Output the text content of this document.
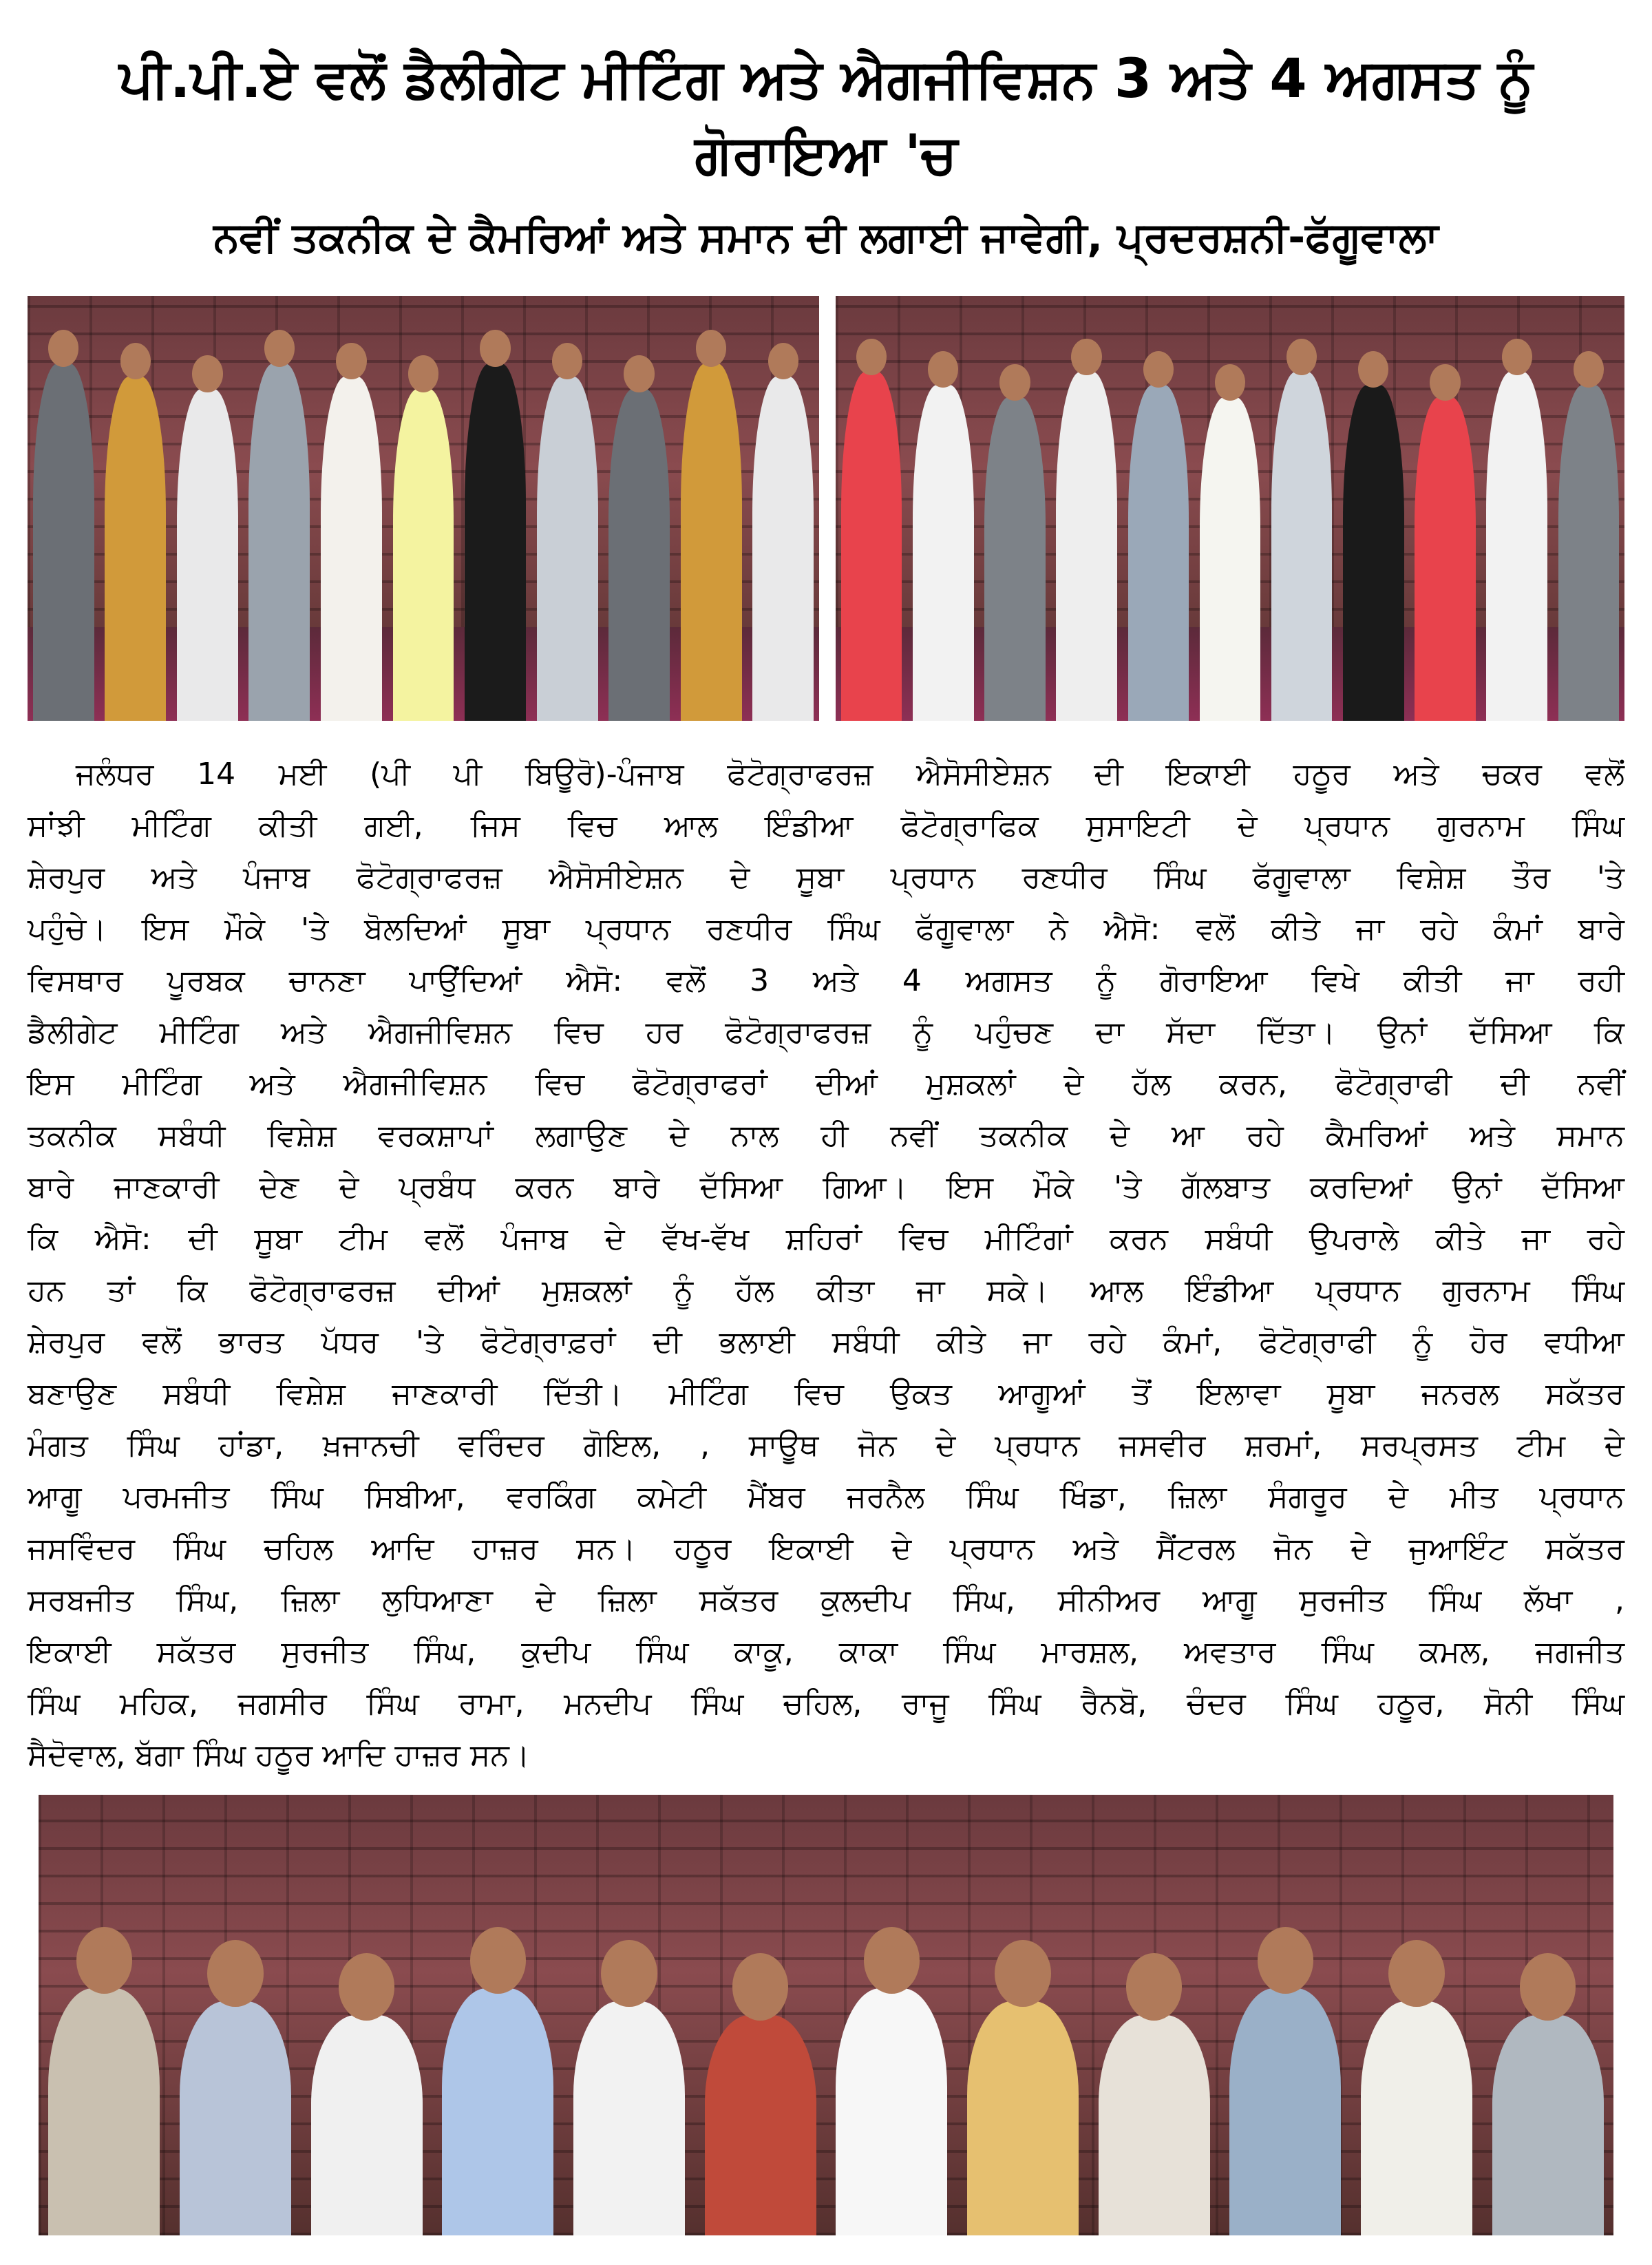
ਪੀ.ਪੀ.ਏ ਵਲੋਂ ਡੈਲੀਗੇਟ ਮੀਟਿੰਗ ਅਤੇ ਐਗਜੀਵਿਸ਼ਨ 3 ਅਤੇ 4 ਅਗਸਤ ਨੂੰ ਗੋਰਾਇਆ 'ਚ
ਨਵੀਂ ਤਕਨੀਕ ਦੇ ਕੈਮਰਿਆਂ ਅਤੇ ਸਮਾਨ ਦੀ ਲਗਾਈ ਜਾਵੇਗੀ, ਪ੍ਰਦਰਸ਼ਨੀ-ਫੱਗੂਵਾਲਾ
ਜਲੰਧਰ 14 ਮਈ (ਪੀ ਪੀ ਬਿਊਰੋ)-ਪੰਜਾਬ ਫੋਟੋਗ੍ਰਾਫਰਜ਼ ਐਸੋਸੀਏਸ਼ਨ ਦੀ ਇਕਾਈ ਹਠੂਰ ਅਤੇ ਚਕਰ ਵਲੋਂ
ਸਾਂਝੀ ਮੀਟਿੰਗ ਕੀਤੀ ਗਈ, ਜਿਸ ਵਿਚ ਆਲ ਇੰਡੀਆ ਫੋਟੋਗ੍ਰਾਫਿਕ ਸੁਸਾਇਟੀ ਦੇ ਪ੍ਰਧਾਨ ਗੁਰਨਾਮ ਸਿੰਘ
ਸ਼ੇਰਪੁਰ ਅਤੇ ਪੰਜਾਬ ਫੋਟੋਗ੍ਰਾਫਰਜ਼ ਐਸੋਸੀਏਸ਼ਨ ਦੇ ਸੂਬਾ ਪ੍ਰਧਾਨ ਰਣਧੀਰ ਸਿੰਘ ਫੱਗੂਵਾਲਾ ਵਿਸ਼ੇਸ਼ ਤੌਰ 'ਤੇ
ਪਹੁੰਚੇ। ਇਸ ਮੌਕੇ 'ਤੇ ਬੋਲਦਿਆਂ ਸੂਬਾ ਪ੍ਰਧਾਨ ਰਣਧੀਰ ਸਿੰਘ ਫੱਗੂਵਾਲਾ ਨੇ ਐਸੋ: ਵਲੋਂ ਕੀਤੇ ਜਾ ਰਹੇ ਕੰਮਾਂ ਬਾਰੇ
ਵਿਸਥਾਰ ਪੂਰਬਕ ਚਾਨਣਾ ਪਾਉਂਦਿਆਂ ਐਸੋ: ਵਲੋਂ 3 ਅਤੇ 4 ਅਗਸਤ ਨੂੰ ਗੋਰਾਇਆ ਵਿਖੇ ਕੀਤੀ ਜਾ ਰਹੀ
ਡੈਲੀਗੇਟ ਮੀਟਿੰਗ ਅਤੇ ਐਗਜੀਵਿਸ਼ਨ ਵਿਚ ਹਰ ਫੋਟੋਗ੍ਰਾਫਰਜ਼ ਨੂੰ ਪਹੁੰਚਣ ਦਾ ਸੱਦਾ ਦਿੱਤਾ। ਉਨਾਂ ਦੱਸਿਆ ਕਿ
ਇਸ ਮੀਟਿੰਗ ਅਤੇ ਐਗਜੀਵਿਸ਼ਨ ਵਿਚ ਫੋਟੋਗ੍ਰਾਫਰਾਂ ਦੀਆਂ ਮੁਸ਼ਕਲਾਂ ਦੇ ਹੱਲ ਕਰਨ, ਫੋਟੋਗ੍ਰਾਫੀ ਦੀ ਨਵੀਂ
ਤਕਨੀਕ ਸਬੰਧੀ ਵਿਸ਼ੇਸ਼ ਵਰਕਸ਼ਾਪਾਂ ਲਗਾਉਣ ਦੇ ਨਾਲ ਹੀ ਨਵੀਂ ਤਕਨੀਕ ਦੇ ਆ ਰਹੇ ਕੈਮਰਿਆਂ ਅਤੇ ਸਮਾਨ
ਬਾਰੇ ਜਾਣਕਾਰੀ ਦੇਣ ਦੇ ਪ੍ਰਬੰਧ ਕਰਨ ਬਾਰੇ ਦੱਸਿਆ ਗਿਆ। ਇਸ ਮੌਕੇ 'ਤੇ ਗੱਲਬਾਤ ਕਰਦਿਆਂ ਉਨਾਂ ਦੱਸਿਆ
ਕਿ ਐਸੋ: ਦੀ ਸੂਬਾ ਟੀਮ ਵਲੋਂ ਪੰਜਾਬ ਦੇ ਵੱਖ-ਵੱਖ ਸ਼ਹਿਰਾਂ ਵਿਚ ਮੀਟਿੰਗਾਂ ਕਰਨ ਸਬੰਧੀ ਉਪਰਾਲੇ ਕੀਤੇ ਜਾ ਰਹੇ
ਹਨ ਤਾਂ ਕਿ ਫੋਟੋਗ੍ਰਾਫਰਜ਼ ਦੀਆਂ ਮੁਸ਼ਕਲਾਂ ਨੂੰ ਹੱਲ ਕੀਤਾ ਜਾ ਸਕੇ। ਆਲ ਇੰਡੀਆ ਪ੍ਰਧਾਨ ਗੁਰਨਾਮ ਸਿੰਘ
ਸ਼ੇਰਪੁਰ ਵਲੋਂ ਭਾਰਤ ਪੱਧਰ 'ਤੇ ਫੋਟੋਗ੍ਰਾਫ਼ਰਾਂ ਦੀ ਭਲਾਈ ਸਬੰਧੀ ਕੀਤੇ ਜਾ ਰਹੇ ਕੰਮਾਂ, ਫੋਟੋਗ੍ਰਾਫੀ ਨੂੰ ਹੋਰ ਵਧੀਆ
ਬਣਾਉਣ ਸਬੰਧੀ ਵਿਸ਼ੇਸ਼ ਜਾਣਕਾਰੀ ਦਿੱਤੀ। ਮੀਟਿੰਗ ਵਿਚ ਉਕਤ ਆਗੂਆਂ ਤੋਂ ਇਲਾਵਾ ਸੂਬਾ ਜਨਰਲ ਸਕੱਤਰ
ਮੰਗਤ ਸਿੰਘ ਹਾਂਡਾ, ਖ਼ਜਾਨਚੀ ਵਰਿੰਦਰ ਗੋਇਲ, , ਸਾਊਥ ਜੋਨ ਦੇ ਪ੍ਰਧਾਨ ਜਸਵੀਰ ਸ਼ਰਮਾਂ, ਸਰਪ੍ਰਸਤ ਟੀਮ ਦੇ
ਆਗੂ ਪਰਮਜੀਤ ਸਿੰਘ ਸਿਬੀਆ, ਵਰਕਿੰਗ ਕਮੇਟੀ ਮੈਂਬਰ ਜਰਨੈਲ ਸਿੰਘ ਖਿੰਡਾ, ਜ਼ਿਲਾ ਸੰਗਰੂਰ ਦੇ ਮੀਤ ਪ੍ਰਧਾਨ
ਜਸਵਿੰਦਰ ਸਿੰਘ ਚਹਿਲ ਆਦਿ ਹਾਜ਼ਰ ਸਨ। ਹਠੂਰ ਇਕਾਈ ਦੇ ਪ੍ਰਧਾਨ ਅਤੇ ਸੈਂਟਰਲ ਜੋਨ ਦੇ ਜੁਆਇੰਟ ਸਕੱਤਰ
ਸਰਬਜੀਤ ਸਿੰਘ, ਜ਼ਿਲਾ ਲੁਧਿਆਣਾ ਦੇ ਜ਼ਿਲਾ ਸਕੱਤਰ ਕੁਲਦੀਪ ਸਿੰਘ, ਸੀਨੀਅਰ ਆਗੂ ਸੁਰਜੀਤ ਸਿੰਘ ਲੱਖਾ ,
ਇਕਾਈ ਸਕੱਤਰ ਸੁਰਜੀਤ ਸਿੰਘ, ਕੁਦੀਪ ਸਿੰਘ ਕਾਕੂ, ਕਾਕਾ ਸਿੰਘ ਮਾਰਸ਼ਲ, ਅਵਤਾਰ ਸਿੰਘ ਕਮਲ, ਜਗਜੀਤ
ਸਿੰਘ ਮਹਿਕ, ਜਗਸੀਰ ਸਿੰਘ ਰਾਮਾ, ਮਨਦੀਪ ਸਿੰਘ ਚਹਿਲ, ਰਾਜੂ ਸਿੰਘ ਰੈਨਬੋ, ਚੰਦਰ ਸਿੰਘ ਹਠੂਰ, ਸੋਨੀ ਸਿੰਘ
ਸੈਦੋਵਾਲ, ਬੱਗਾ ਸਿੰਘ ਹਠੂਰ ਆਦਿ ਹਾਜ਼ਰ ਸਨ।
